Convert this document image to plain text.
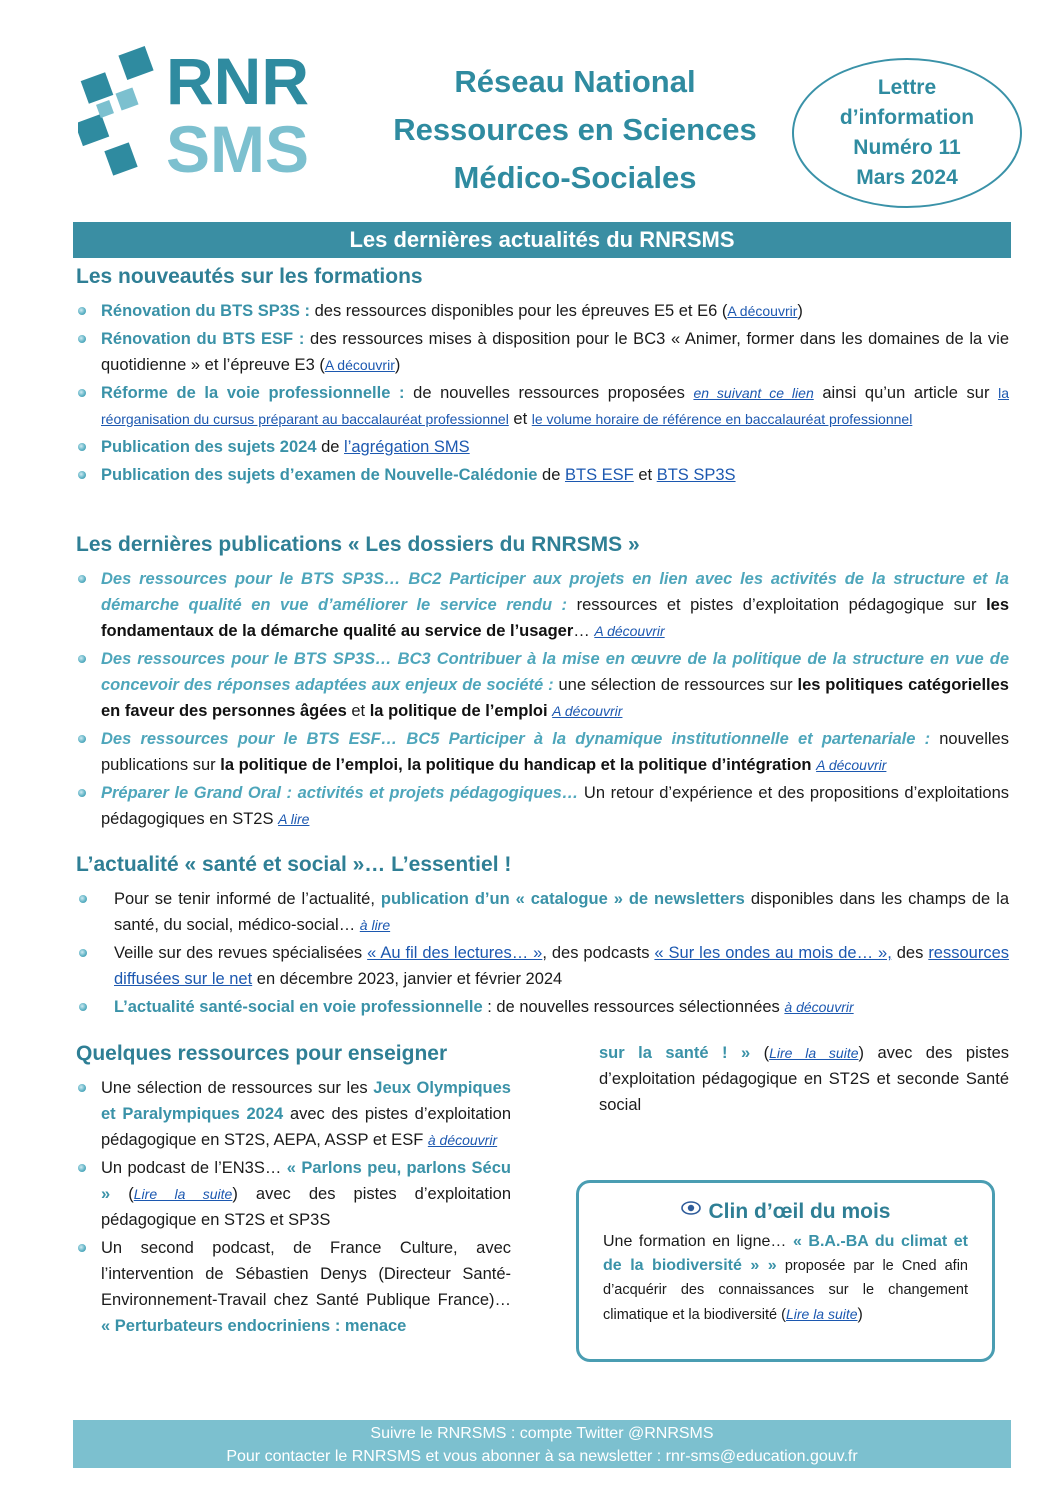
RNR
SMS
Réseau National
Ressources en Sciences
Médico-Sociales
Lettre
d’information
Numéro 11
Mars 2024
Les dernières actualités du RNRSMS
Les nouveautés sur les formations
Rénovation du BTS SP3S : des ressources disponibles pour les épreuves E5 et E6 (A découvrir)
Rénovation du BTS ESF : des ressources mises à disposition pour le BC3 « Animer, former dans les domaines de la vie quotidienne » et l’épreuve E3 (A découvrir)
Réforme de la voie professionnelle : de nouvelles ressources proposées en suivant ce lien ainsi qu’un article sur la réorganisation du cursus préparant au baccalauréat professionnel et le volume horaire de référence en baccalauréat professionnel
Publication des sujets 2024 de l’agrégation SMS
Publication des sujets d’examen de Nouvelle-Calédonie de BTS ESF et BTS SP3S
Les dernières publications « Les dossiers du RNRSMS »
Des ressources pour le BTS SP3S… BC2 Participer aux projets en lien avec les activités de la structure et la démarche qualité en vue d’améliorer le service rendu : ressources et pistes d’exploitation pédagogique sur les fondamentaux de la démarche qualité au service de l’usager… A découvrir
Des ressources pour le BTS SP3S… BC3 Contribuer à la mise en œuvre de la politique de la structure en vue de concevoir des réponses adaptées aux enjeux de société : une sélection de ressources sur les politiques catégorielles en faveur des personnes âgées et la politique de l’emploi A découvrir
Des ressources pour le BTS ESF… BC5 Participer à la dynamique institutionnelle et partenariale : nouvelles publications sur la politique de l’emploi, la politique du handicap et la politique d’intégration A découvrir
Préparer le Grand Oral : activités et projets pédagogiques… Un retour d’expérience et des propositions d’exploitations pédagogiques en ST2S A lire
L’actualité « santé et social »… L’essentiel !
Pour se tenir informé de l’actualité, publication d’un « catalogue » de newsletters disponibles dans les champs de la santé, du social, médico-social… à lire
Veille sur des revues spécialisées « Au fil des lectures… », des podcasts « Sur les ondes au mois de… », des ressources diffusées sur le net en décembre 2023, janvier et février 2024
L’actualité santé-social en voie professionnelle : de nouvelles ressources sélectionnées à découvrir
Quelques ressources pour enseigner
Une sélection de ressources sur les Jeux Olympiques et Paralympiques 2024 avec des pistes d’exploitation pédagogique en ST2S, AEPA, ASSP et ESF à découvrir
Un podcast de l’EN3S… « Parlons peu, parlons Sécu » (Lire la suite) avec des pistes d’exploitation pédagogique en ST2S et SP3S
Un second podcast, de France Culture, avec l’intervention de Sébastien Denys (Directeur Santé-Environnement-Travail chez Santé Publique France)… « Perturbateurs endocriniens : menace
sur la santé ! » (Lire la suite) avec des pistes d’exploitation pédagogique en ST2S et seconde Santé social
Clin d’œil du mois
Une formation en ligne… « B.A.-BA du climat et de la biodiversité » » proposée par le Cned afin d’acquérir des connaissances sur le changement climatique et la biodiversité (Lire la suite)
Suivre le RNRSMS : compte Twitter @RNRSMS
Pour contacter le RNRSMS et vous abonner à sa newsletter : rnr-sms@education.gouv.fr
